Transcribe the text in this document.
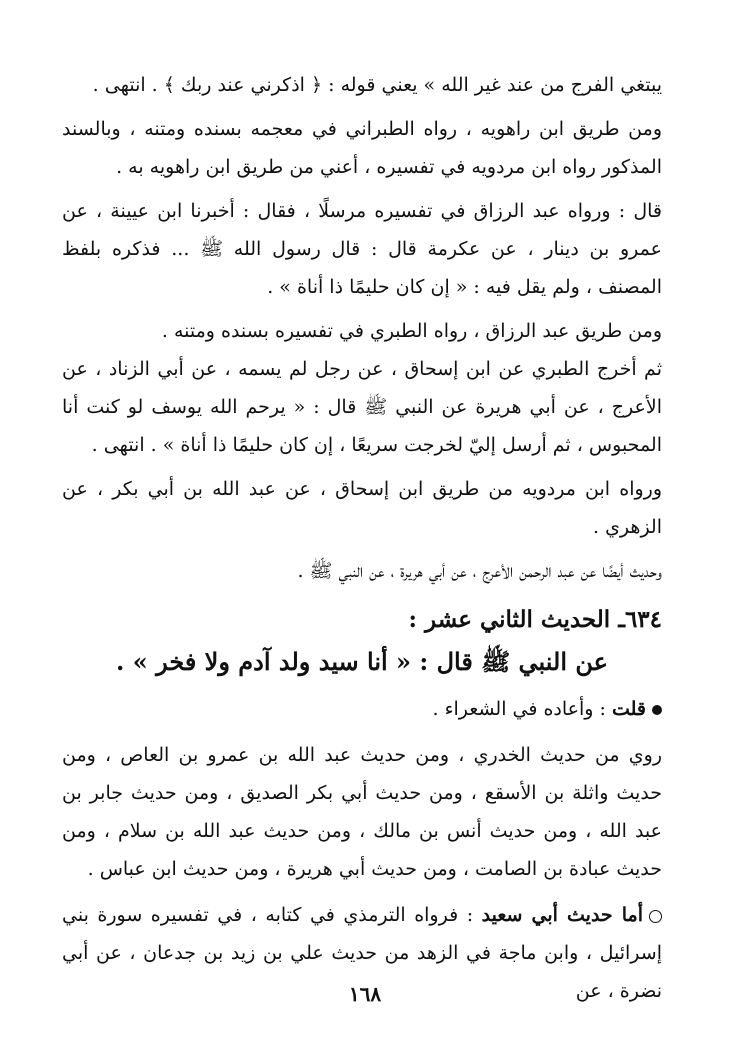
يبتغي الفرج من عند غير الله » يعني قوله : ﴿ اذكرني عند ربك ﴾ . انتهى .

ومن طريق ابن راهويه ، رواه الطبراني في معجمه بسنده ومتنه ، وبالسند المذكور رواه ابن مردويه في تفسيره ، أعني من طريق ابن راهويه به .

قال : ورواه عبد الرزاق في تفسيره مرسلًا ، فقال : أخبرنا ابن عيينة ، عن عمرو بن دينار ، عن عكرمة قال : قال رسول الله ﷺ ... فذكره بلفظ المصنف ، ولم يقل فيه : « إن كان حليمًا ذا أناة » .

ومن طريق عبد الرزاق ، رواه الطبري في تفسيره بسنده ومتنه .

ثم أخرج الطبري عن ابن إسحاق ، عن رجل لم يسمه ، عن أبي الزناد ، عن الأعرج ، عن أبي هريرة عن النبي ﷺ قال : « يرحم الله يوسف لو كنت أنا المحبوس ، ثم أرسل إليّ لخرجت سريعًا ، إن كان حليمًا ذا أناة » . انتهى .

ورواه ابن مردويه من طريق ابن إسحاق ، عن عبد الله بن أبي بكر ، عن الزهري .

وحديث أيضًا عن عبد الرحمن الأعرج ، عن أبي هريرة ، عن النبي ﷺ .

٦٣٤ـ الحديث الثاني عشر :

عن النبي ﷺ قال : « أنا سيد ولد آدم ولا فخر » .

قلت : وأعاده في الشعراء .

روي من حديث الخدري ، ومن حديث عبد الله بن عمرو بن العاص ، ومن حديث واثلة بن الأسقع ، ومن حديث أبي بكر الصديق ، ومن حديث جابر بن عبد الله ، ومن حديث أنس بن مالك ، ومن حديث عبد الله بن سلام ، ومن حديث عبادة بن الصامت ، ومن حديث أبي هريرة ، ومن حديث ابن عباس .

أما حديث أبي سعيد : فرواه الترمذي في كتابه ، في تفسيره سورة بني إسرائيل ، وابن ماجة في الزهد من حديث علي بن زيد بن جدعان ، عن أبي نضرة ، عن

١٦٨
